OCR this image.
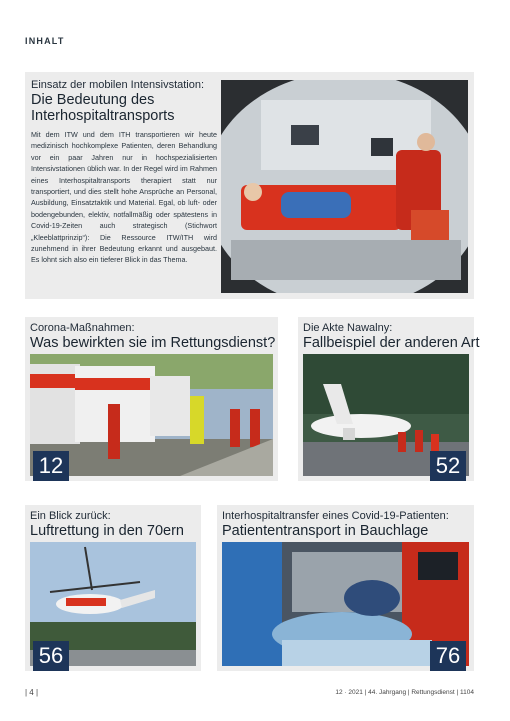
INHALT
Einsatz der mobilen Intensivstation:
Die Bedeutung des
Interhospitaltransports
Mit dem ITW und dem ITH transportieren wir heute medizinisch hochkomplexe Patienten, deren Behandlung vor ein paar Jahren nur in hochspezialisierten Intensivstationen üblich war. In der Regel wird im Rahmen eines Interhospitaltransports therapiert statt nur transportiert, und dies stellt hohe Ansprüche an Personal, Ausbildung, Einsatztaktik und Material. Egal, ob luft- oder bodengebunden, elektiv, notfallmäßig oder spätestens in Covid-19-Zeiten auch strategisch (Stichwort „Kleeblattprinzip“): Die Ressource ITW/ITH wird zunehmend in ihrer Bedeutung erkannt und ausgebaut. Es lohnt sich also ein tieferer Blick in das Thema.
Corona-Maßnahmen:
Was bewirkten sie im Rettungsdienst?
12
Die Akte Nawalny:
Fallbeispiel der anderen Art
52
Ein Blick zurück:
Luftrettung in den 70ern
56
Interhospitaltransfer eines Covid-19-Patienten:
Patiententransport in Bauchlage
76
| 4 |	12 · 2021 | 44. Jahrgang | Rettungsdienst | 1104
